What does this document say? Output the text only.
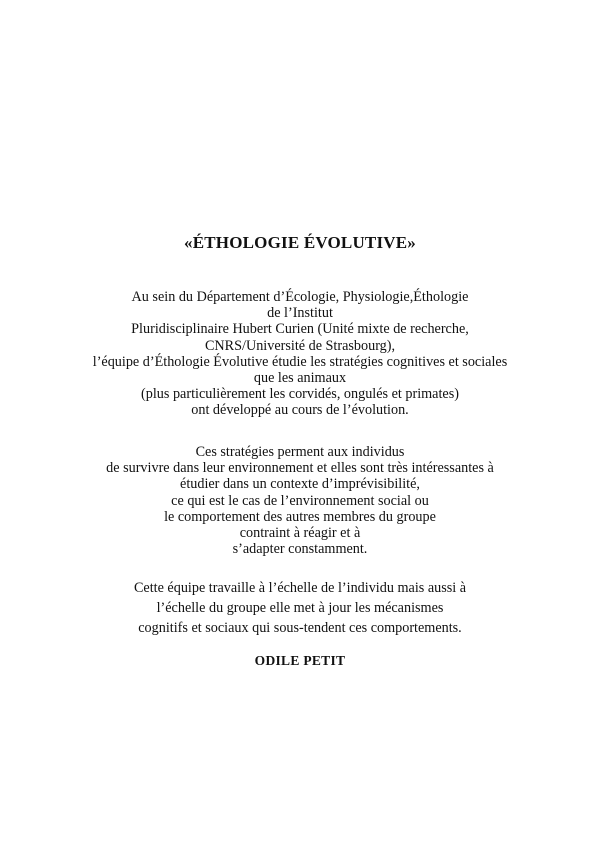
«ÉTHOLOGIE ÉVOLUTIVE»
Au sein du Département d’Écologie, Physiologie,Éthologie
de l’Institut
Pluridisciplinaire Hubert Curien (Unité mixte de recherche,
CNRS/Université de Strasbourg),
l’équipe d’Éthologie Évolutive étudie les stratégies cognitives et sociales
que les animaux
(plus particulièrement les corvidés, ongulés et primates)
ont développé au cours de l’évolution.
Ces stratégies perment aux individus
de survivre dans leur environnement et elles sont très intéressantes à
étudier dans un contexte d’imprévisibilité,
ce qui est le cas de l’environnement social ou
le comportement des autres membres du groupe
contraint à réagir et à
s’adapter constamment.
Cette équipe travaille à l’échelle de l’individu mais aussi à
l’échelle du groupe elle met à jour les mécanismes
cognitifs et sociaux qui sous-tendent ces comportements.
ODILE PETIT
